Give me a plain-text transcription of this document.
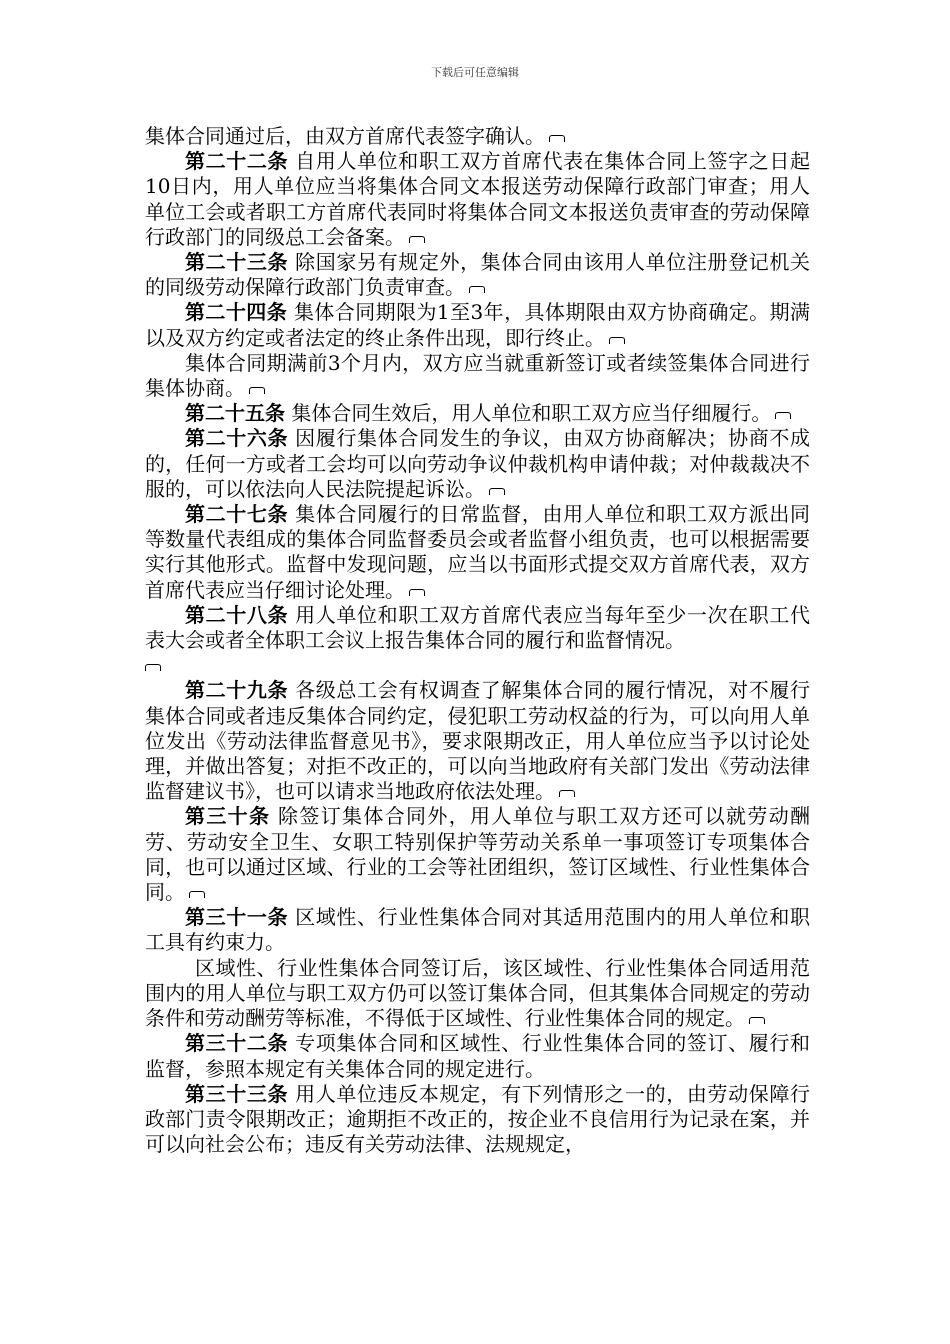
下载后可任意编辑

集体合同通过后，由双方首席代表签字确认。

第二十二条 自用人单位和职工双方首席代表在集体合同上签字之日起10日内，用人单位应当将集体合同文本报送劳动保障行政部门审查；用人单位工会或者职工方首席代表同时将集体合同文本报送负责审查的劳动保障行政部门的同级总工会备案。

第二十三条 除国家另有规定外，集体合同由该用人单位注册登记机关的同级劳动保障行政部门负责审查。

第二十四条 集体合同期限为1至3年，具体期限由双方协商确定。期满以及双方约定或者法定的终止条件出现，即行终止。

集体合同期满前3个月内，双方应当就重新签订或者续签集体合同进行集体协商。

第二十五条 集体合同生效后，用人单位和职工双方应当仔细履行。

第二十六条 因履行集体合同发生的争议，由双方协商解决；协商不成的，任何一方或者工会均可以向劳动争议仲裁机构申请仲裁；对仲裁裁决不服的，可以依法向人民法院提起诉讼。

第二十七条 集体合同履行的日常监督，由用人单位和职工双方派出同等数量代表组成的集体合同监督委员会或者监督小组负责，也可以根据需要实行其他形式。监督中发现问题，应当以书面形式提交双方首席代表，双方首席代表应当仔细讨论处理。

第二十八条 用人单位和职工双方首席代表应当每年至少一次在职工代表大会或者全体职工会议上报告集体合同的履行和监督情况。

第二十九条 各级总工会有权调查了解集体合同的履行情况，对不履行集体合同或者违反集体合同约定，侵犯职工劳动权益的行为，可以向用人单位发出《劳动法律监督意见书》，要求限期改正，用人单位应当予以讨论处理，并做出答复；对拒不改正的，可以向当地政府有关部门发出《劳动法律监督建议书》，也可以请求当地政府依法处理。

第三十条 除签订集体合同外，用人单位与职工双方还可以就劳动酬劳、劳动安全卫生、女职工特别保护等劳动关系单一事项签订专项集体合同，也可以通过区域、行业的工会等社团组织，签订区域性、行业性集体合同。

第三十一条 区域性、行业性集体合同对其适用范围内的用人单位和职工具有约束力。

区域性、行业性集体合同签订后，该区域性、行业性集体合同适用范围内的用人单位与职工双方仍可以签订集体合同，但其集体合同规定的劳动条件和劳动酬劳等标准，不得低于区域性、行业性集体合同的规定。

第三十二条 专项集体合同和区域性、行业性集体合同的签订、履行和监督，参照本规定有关集体合同的规定进行。

第三十三条 用人单位违反本规定，有下列情形之一的，由劳动保障行政部门责令限期改正；逾期拒不改正的，按企业不良信用行为记录在案，并可以向社会公布；违反有关劳动法律、法规规定，
